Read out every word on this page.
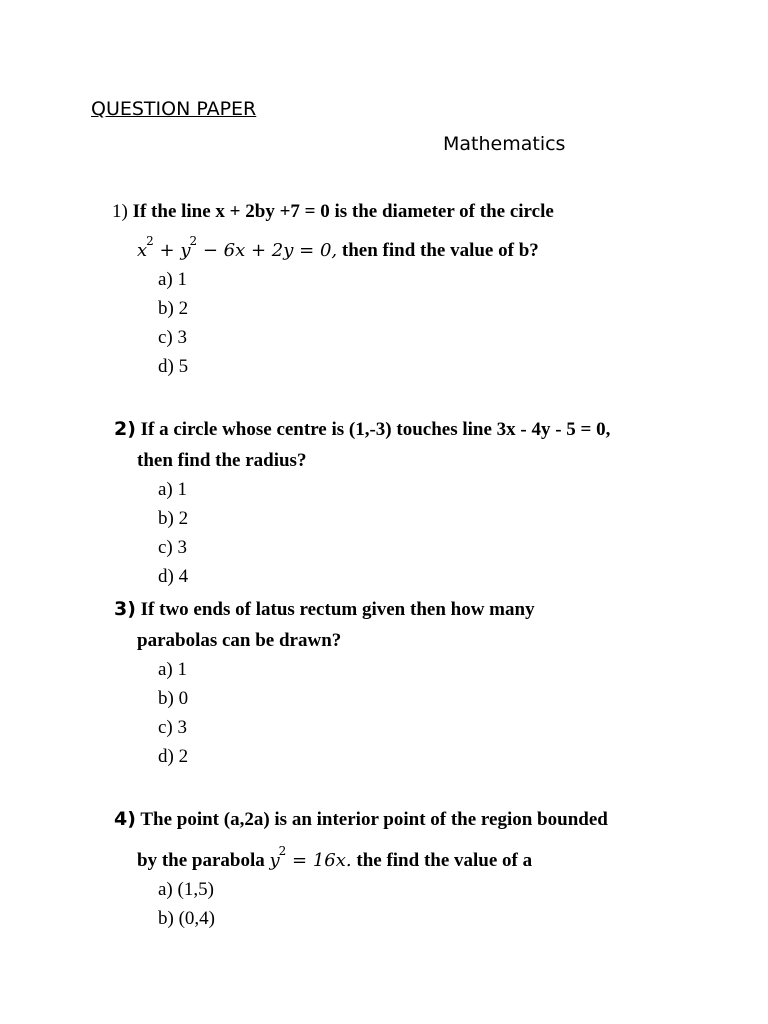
QUESTION PAPER
Mathematics
1) If the line x + 2by +7 = 0 is the diameter of the circle
$x^2 + y^2 - 6x + 2y = 0$, then find the value of b?
a) 1
b) 2
c) 3
d) 5
2) If a circle whose centre is (1,-3) touches line 3x - 4y - 5 = 0,
then find the radius?
a) 1
b) 2
c) 3
d) 4
3) If two ends of latus rectum given then how many
parabolas can be drawn?
a) 1
b) 0
c) 3
d) 2
4) The point (a,2a) is an interior point of the region bounded
by the parabola $y^2 = 16x$. the find the value of a
a) (1,5)
b) (0,4)
